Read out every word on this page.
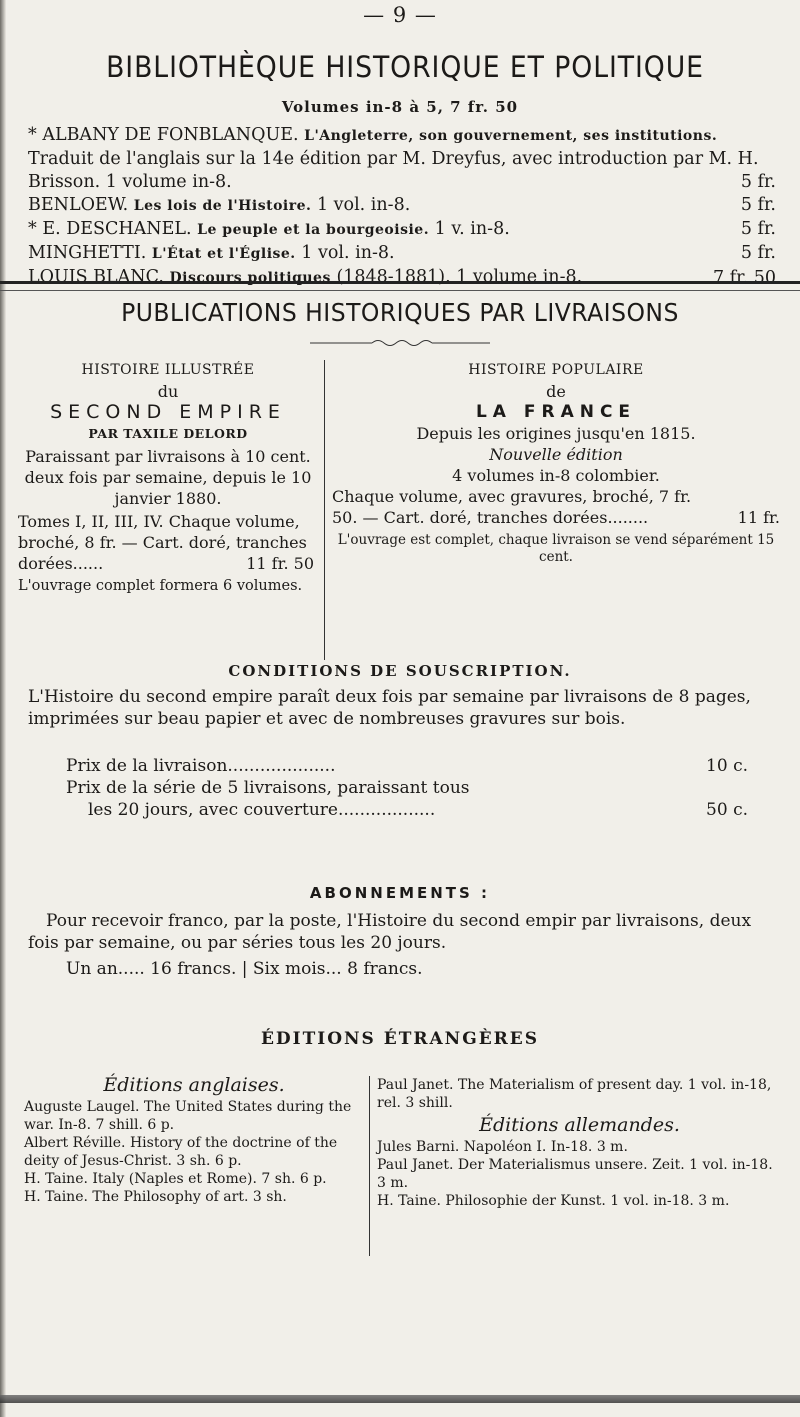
— 9 —
BIBLIOTHÈQUE HISTORIQUE ET POLITIQUE
Volumes in-8 à 5, 7 fr. 50
* ALBANY DE FONBLANQUE. L'Angleterre, son gouvernement, ses institutions. Traduit de l'anglais sur la 14e édition par M. Dreyfus, avec introduction par M. H. Brisson. 1 volume in-8.	5 fr.
BENLOEW. Les lois de l'Histoire. 1 vol. in-8.	5 fr.
* E. DESCHANEL. Le peuple et la bourgeoisie. 1 v. in-8.	5 fr.
MINGHETTI. L'État et l'Église. 1 vol. in-8.	5 fr.
LOUIS BLANC. Discours politiques (1848-1881). 1 volume in-8.	7 fr. 50
PUBLICATIONS HISTORIQUES PAR LIVRAISONS
HISTOIRE ILLUSTRÉE
du
SECOND EMPIRE
PAR TAXILE DELORD
Paraissant par livraisons à 10 cent. deux fois par semaine, depuis le 10 janvier 1880.
Tomes I, II, III, IV. Chaque volume, broché, 8 fr. — Cart. doré, tranches dorées......	11 fr. 50
L'ouvrage complet formera 6 volumes.
HISTOIRE POPULAIRE
de
LA FRANCE
Depuis les origines jusqu'en 1815.
Nouvelle édition
4 volumes in-8 colombier.
Chaque volume, avec gravures, broché, 7 fr. 50. — Cart. doré, tranches dorées........	11 fr.
L'ouvrage est complet, chaque livraison se vend séparément 15 cent.
CONDITIONS DE SOUSCRIPTION.
L'Histoire du second empire paraît deux fois par semaine par livraisons de 8 pages, imprimées sur beau papier et avec de nombreuses gravures sur bois.
Prix de la livraison....................	10 c.
Prix de la série de 5 livraisons, paraissant tous
les 20 jours, avec couverture..................	50 c.
ABONNEMENTS :
Pour recevoir franco, par la poste, l'Histoire du second empir par livraisons, deux fois par semaine, ou par séries tous les 20 jours.
Un an..... 16 francs. | Six mois... 8 francs.
ÉDITIONS ÉTRANGÈRES
Éditions anglaises.
Auguste Laugel. The United States during the war. In-8. 7 shill. 6 p.
Albert Réville. History of the doctrine of the deity of Jesus-Christ. 3 sh. 6 p.
H. Taine. Italy (Naples et Rome). 7 sh. 6 p.
H. Taine. The Philosophy of art. 3 sh.
Paul Janet. The Materialism of present day. 1 vol. in-18, rel. 3 shill.
Éditions allemandes.
Jules Barni. Napoléon I. In-18. 3 m.
Paul Janet. Der Materialismus unsere. Zeit. 1 vol. in-18. 3 m.
H. Taine. Philosophie der Kunst. 1 vol. in-18. 3 m.
